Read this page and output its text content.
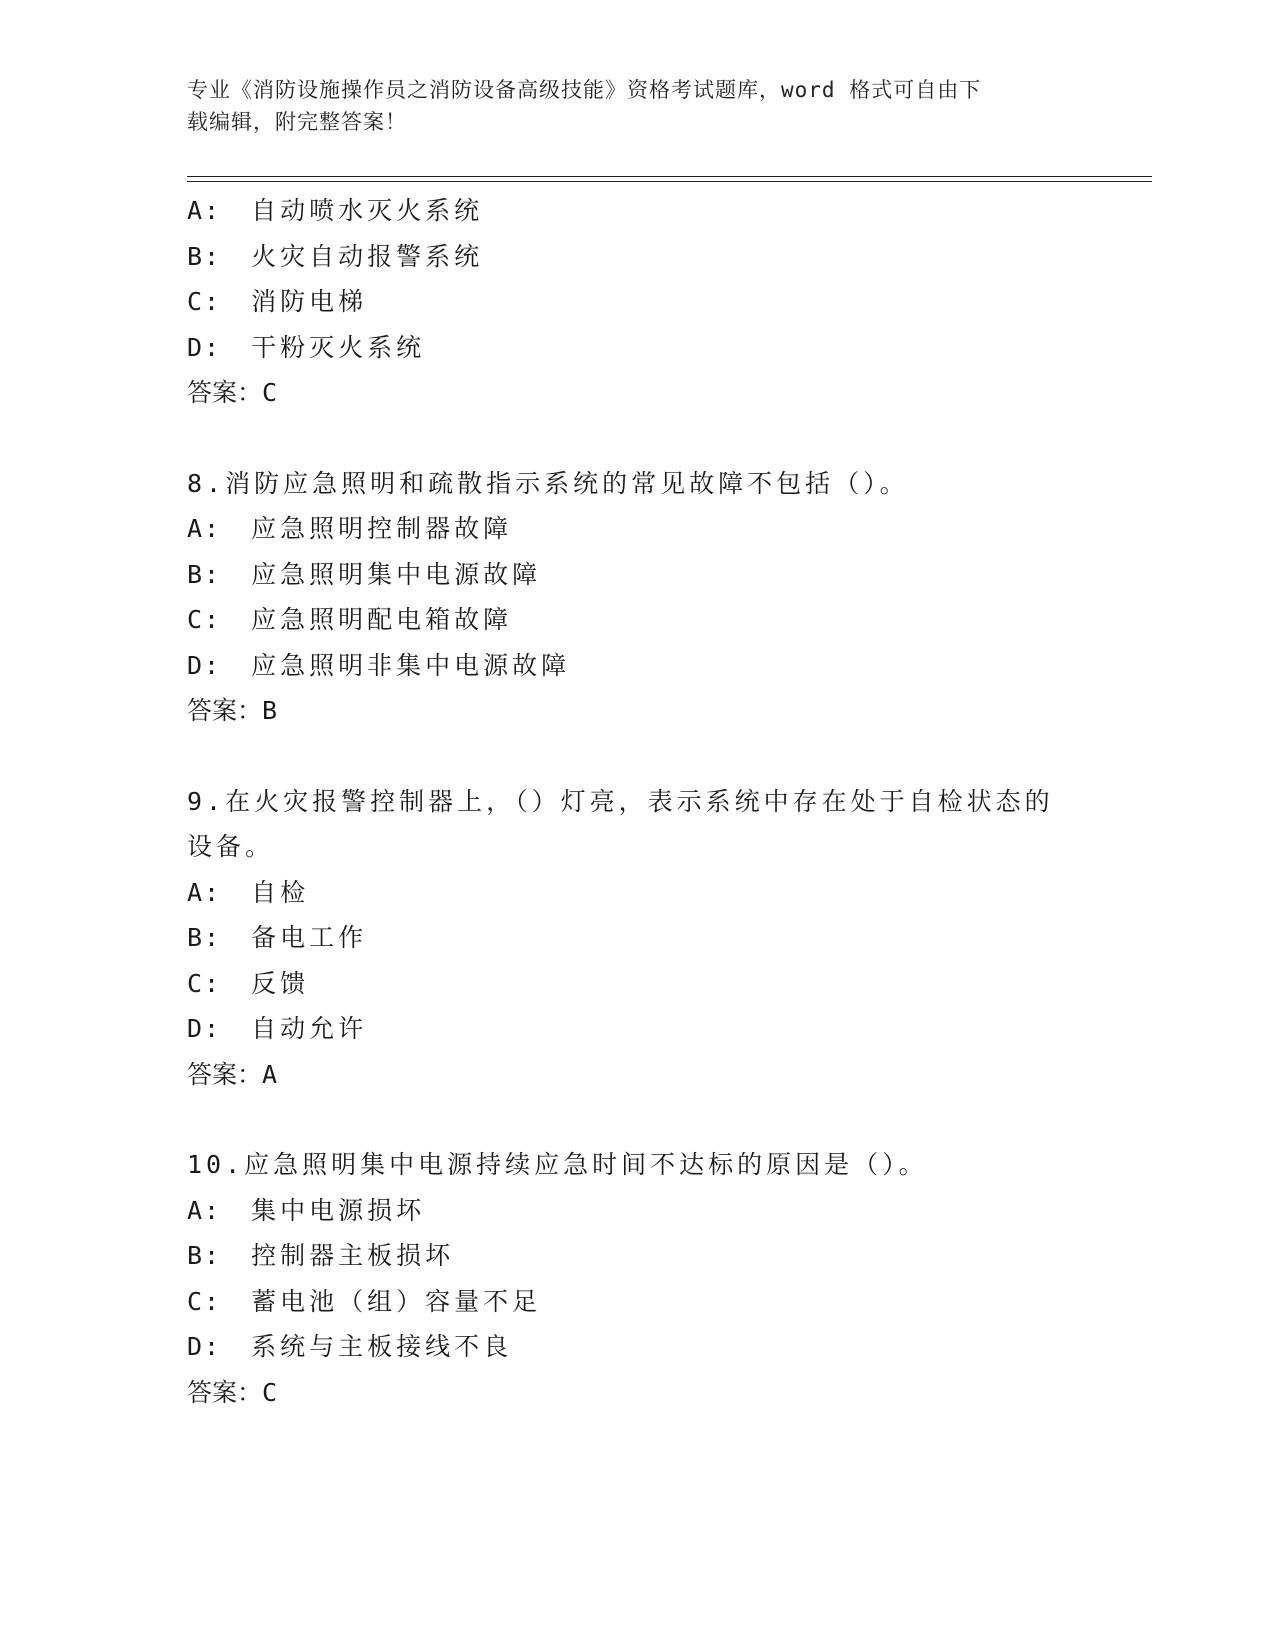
专业《消防设施操作员之消防设备高级技能》资格考试题库，word 格式可自由下
载编辑，附完整答案！
A: 自动喷水灭火系统
B: 火灾自动报警系统
C: 消防电梯
D: 干粉灭火系统
答案：C
8.消防应急照明和疏散指示系统的常见故障不包括（）。
A: 应急照明控制器故障
B: 应急照明集中电源故障
C: 应急照明配电箱故障
D: 应急照明非集中电源故障
答案：B
9.在火灾报警控制器上，（）灯亮，表示系统中存在处于自检状态的
设备。
A: 自检
B: 备电工作
C: 反馈
D: 自动允许
答案：A
10.应急照明集中电源持续应急时间不达标的原因是（）。
A: 集中电源损坏
B: 控制器主板损坏
C: 蓄电池（组）容量不足
D: 系统与主板接线不良
答案：C
